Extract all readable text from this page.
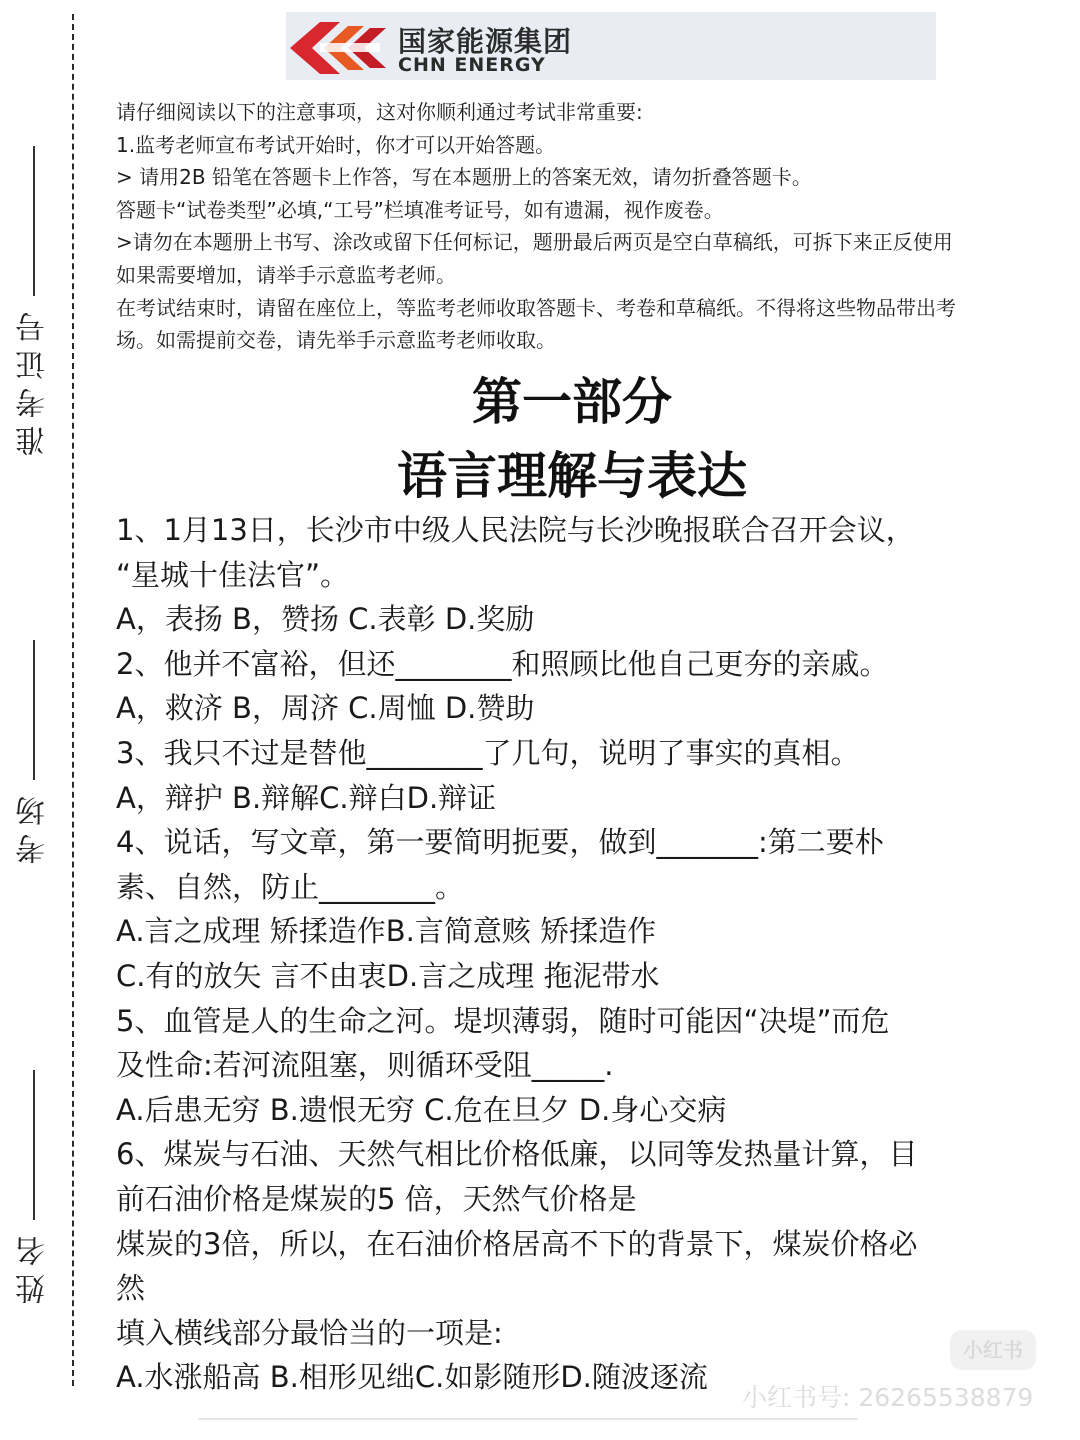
准考证号
考场
姓名
国家能源集团
CHN ENERGY
请仔细阅读以下的注意事项，这对你顺利通过考试非常重要:
1.监考老师宣布考试开始时，你才可以开始答题。
> 请用2B 铅笔在答题卡上作答，写在本题册上的答案无效，请勿折叠答题卡。
答题卡“试卷类型”必填,“工号”栏填准考证号，如有遗漏，视作废卷。
>请勿在本题册上书写、涂改或留下任何标记，题册最后两页是空白草稿纸，可拆下来正反使用
如果需要增加，请举手示意监考老师。
在考试结束时，请留在座位上，等监考老师收取答题卡、考卷和草稿纸。不得将这些物品带出考
场。如需提前交卷，请先举手示意监考老师收取。
第一部分
语言理解与表达
1、1月13日，长沙市中级人民法院与长沙晚报联合召开会议，
“星城十佳法官”。
A，表扬 B，赞扬 C.表彰 D.奖励
2、他并不富裕，但还________和照顾比他自己更夯的亲戚。
A，救济 B，周济 C.周恤 D.赞助
3、我只不过是替他________了几句，说明了事实的真相。
A，辩护 B.辩解C.辩白D.辩证
4、说话，写文章，第一要简明扼要，做到_______:第二要朴
素、自然，防止________。
A.言之成理 矫揉造作B.言简意赅 矫揉造作
C.有的放矢 言不由衷D.言之成理 拖泥带水
5、血管是人的生命之河。堤坝薄弱，随时可能因“决堤”而危
及性命:若河流阻塞，则循环受阻_____.
A.后患无穷 B.遗恨无穷 C.危在旦夕 D.身心交病
6、煤炭与石油、天然气相比价格低廉，以同等发热量计算，目
前石油价格是煤炭的5 倍，天然气价格是
煤炭的3倍，所以，在石油价格居高不下的背景下，煤炭价格必
然
填入横线部分最恰当的一项是:
A.水涨船高 B.相形见绌C.如影随形D.随波逐流
小红书
小红书号: 26265538879
